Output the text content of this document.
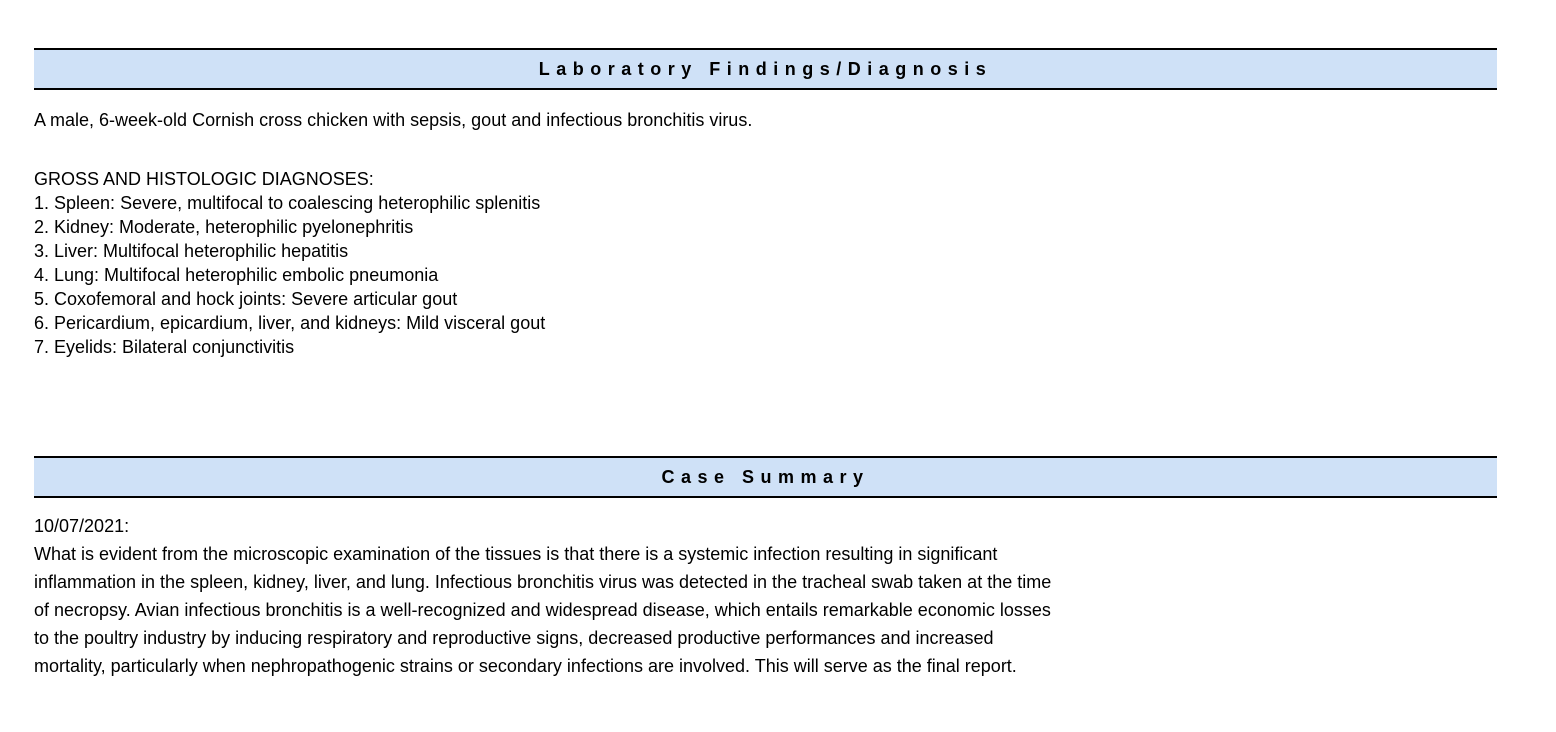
Laboratory Findings/Diagnosis
A male, 6-week-old Cornish cross chicken with sepsis, gout and infectious bronchitis virus.
GROSS AND HISTOLOGIC DIAGNOSES:
1. Spleen: Severe, multifocal to coalescing heterophilic splenitis
2. Kidney: Moderate, heterophilic pyelonephritis
3. Liver: Multifocal heterophilic hepatitis
4. Lung: Multifocal heterophilic embolic pneumonia
5. Coxofemoral and hock joints: Severe articular gout
6. Pericardium, epicardium, liver, and kidneys: Mild visceral gout
7. Eyelids: Bilateral conjunctivitis
Case Summary
10/07/2021:
What is evident from the microscopic examination of the tissues is that there is a systemic infection resulting in significant
inflammation in the spleen, kidney, liver, and lung. Infectious bronchitis virus was detected in the tracheal swab taken at the time
of necropsy. Avian infectious bronchitis is a well-recognized and widespread disease, which entails remarkable economic losses
to the poultry industry by inducing respiratory and reproductive signs, decreased productive performances and increased
mortality, particularly when nephropathogenic strains or secondary infections are involved. This will serve as the final report.
